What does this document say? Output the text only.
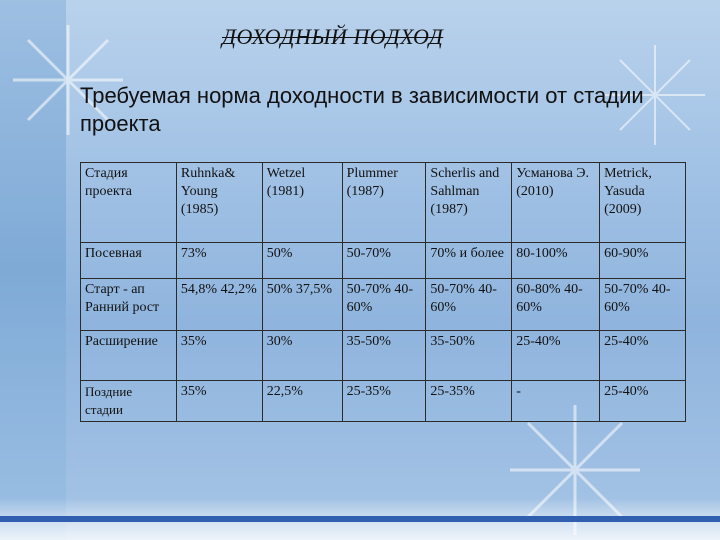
ДОХОДНЫЙ ПОДХОД
Требуемая норма доходности в зависимости от стадии проекта
Стадия проекта	Ruhnka& Young (1985)	Wetzel (1981)	Plummer (1987)	Scherlis and Sahlman (1987)	Усманова Э. (2010)	Metrick, Yasuda (2009)
Посевная	73%	50%	50-70%	70% и более	80-100%	60-90%
Старт - ап Ранний рост	54,8% 42,2%	50% 37,5%	50-70% 40-60%	50-70% 40-60%	60-80% 40-60%	50-70% 40-60%
Расширение	35%	30%	35-50%	35-50%	25-40%	25-40%
Поздние стадии	35%	22,5%	25-35%	25-35%	-	25-40%
